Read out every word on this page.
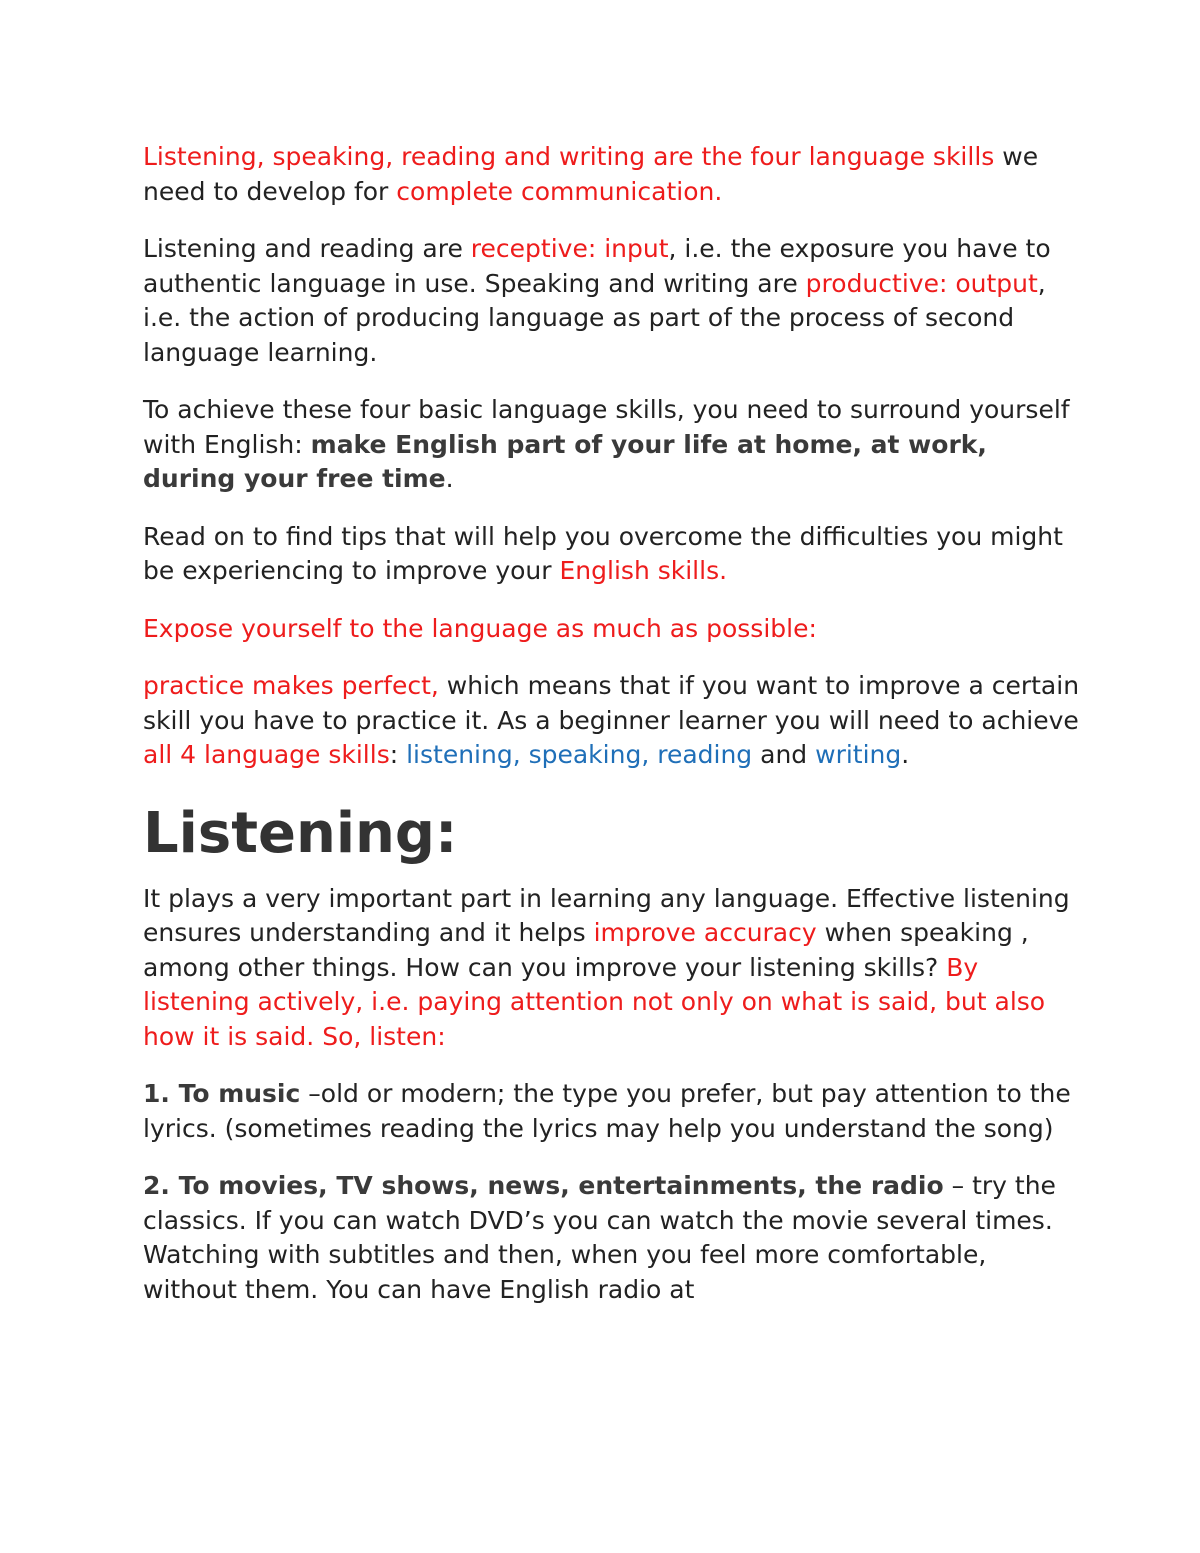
Listening, speaking, reading and writing are the four language skills we need to develop for complete communication.

Listening and reading are receptive: input, i.e. the exposure you have to authentic language in use. Speaking and writing are productive: output, i.e. the action of producing language as part of the process of second language learning.

To achieve these four basic language skills, you need to surround yourself with English: make English part of your life at home, at work, during your free time.

Read on to find tips that will help you overcome the difficulties you might be experiencing to improve your English skills.

Expose yourself to the language as much as possible:

practice makes perfect, which means that if you want to improve a certain skill you have to practice it. As a beginner learner you will need to achieve all 4 language skills: listening, speaking, reading and writing.

Listening:

It plays a very important part in learning any language. Effective listening ensures understanding and it helps improve accuracy when speaking , among other things. How can you improve your listening skills? By listening actively, i.e. paying attention not only on what is said, but also how it is said. So, listen:

1. To music –old or modern; the type you prefer, but pay attention to the lyrics. (sometimes reading the lyrics may help you understand the song)

2. To movies, TV shows, news, entertainments, the radio – try the classics. If you can watch DVD’s you can watch the movie several times. Watching with subtitles and then, when you feel more comfortable, without them. You can have English radio at
